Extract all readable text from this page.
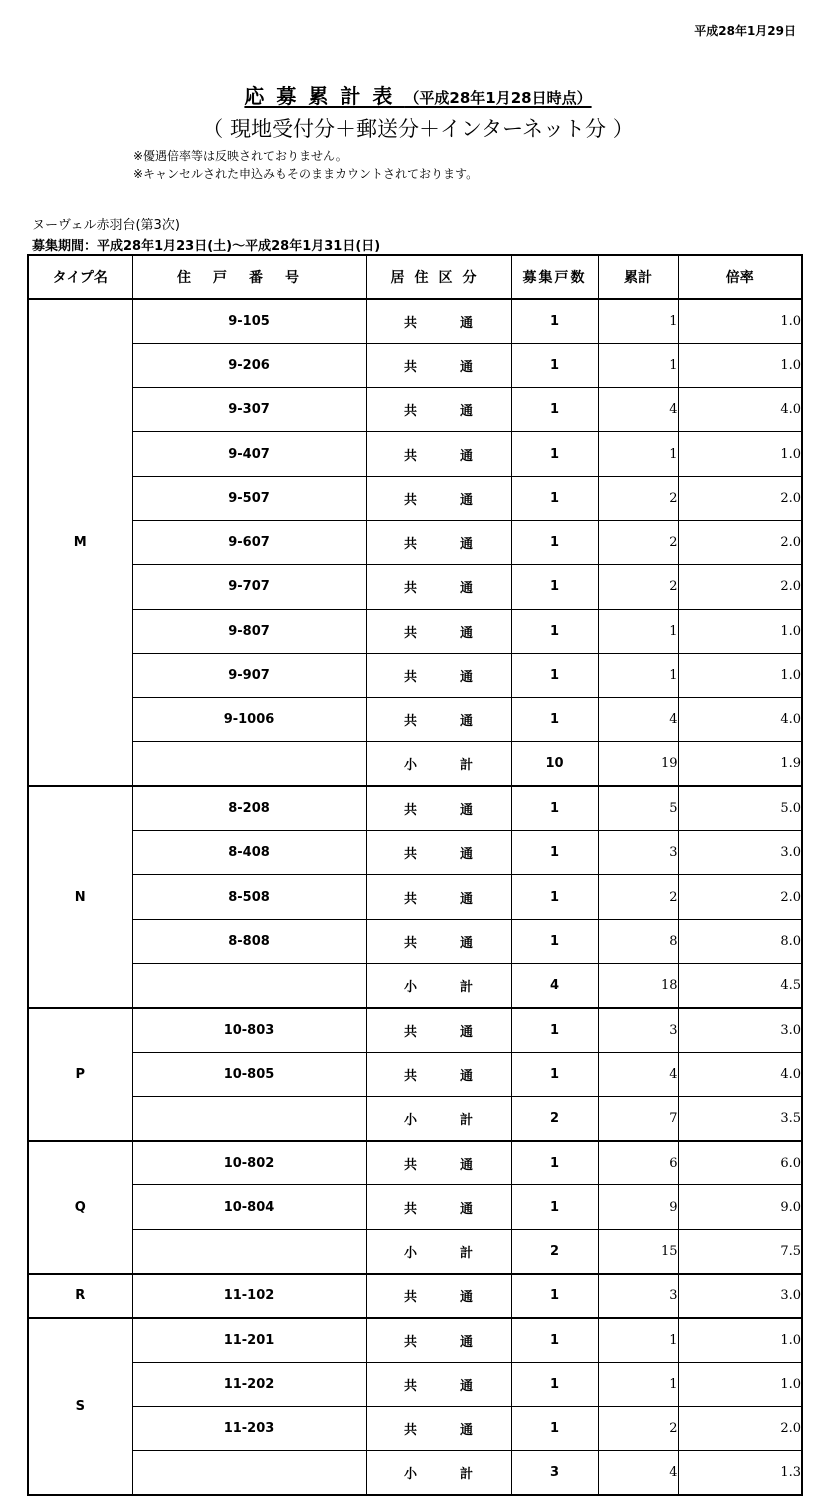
平成28年1月29日
応募累計表（平成28年1月28日時点）
（ 現地受付分＋郵送分＋インターネット分 ）
※優遇倍率等は反映されておりません。
※キャンセルされた申込みもそのままカウントされております。
ヌーヴェル赤羽台(第3次)
募集期間：平成28年1月23日(土)～平成28年1月31日(日)
タイプ名	住戸番号	居住区分	募集戸数	累計	倍率
M	9-105	共 通	1	1	1.0
	9-206	共 通	1	1	1.0
	9-307	共 通	1	4	4.0
	9-407	共 通	1	1	1.0
	9-507	共 通	1	2	2.0
	9-607	共 通	1	2	2.0
	9-707	共 通	1	2	2.0
	9-807	共 通	1	1	1.0
	9-907	共 通	1	1	1.0
	9-1006	共 通	1	4	4.0
		小 計	10	19	1.9
N	8-208	共 通	1	5	5.0
	8-408	共 通	1	3	3.0
	8-508	共 通	1	2	2.0
	8-808	共 通	1	8	8.0
		小 計	4	18	4.5
P	10-803	共 通	1	3	3.0
	10-805	共 通	1	4	4.0
		小 計	2	7	3.5
Q	10-802	共 通	1	6	6.0
	10-804	共 通	1	9	9.0
		小 計	2	15	7.5
R	11-102	共 通	1	3	3.0
S	11-201	共 通	1	1	1.0
	11-202	共 通	1	1	1.0
	11-203	共 通	1	2	2.0
		小 計	3	4	1.3
